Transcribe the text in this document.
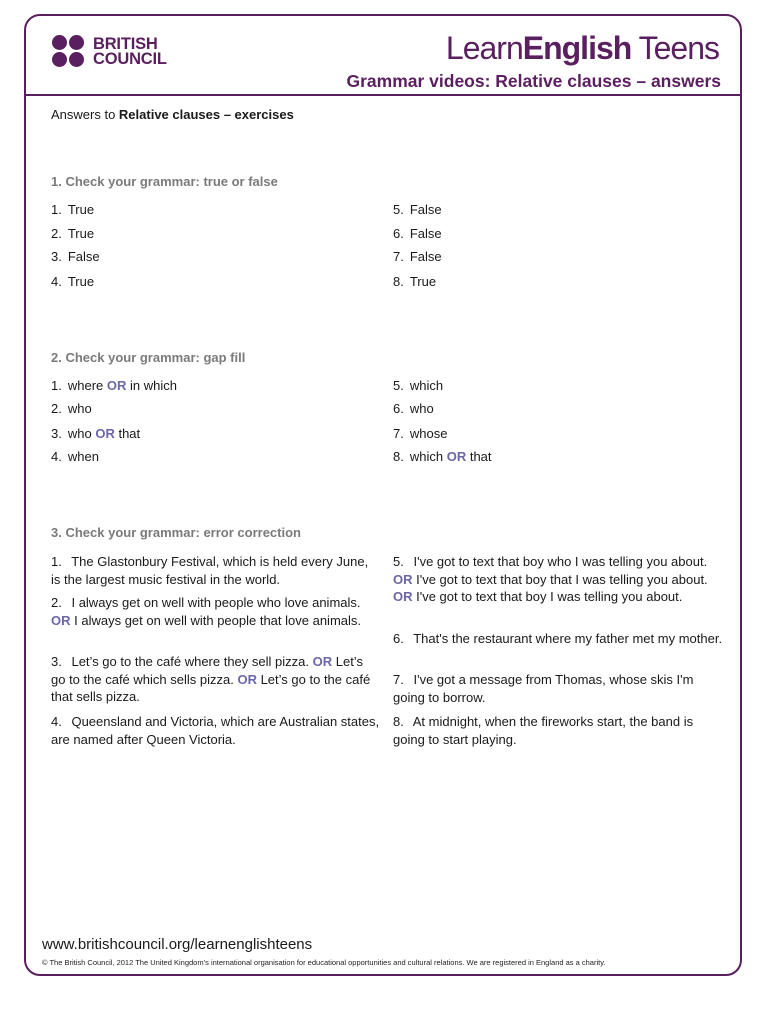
BRITISH
COUNCIL	LearnEnglish Teens
Grammar videos: Relative clauses – answers
Answers to Relative clauses – exercises
1. Check your grammar: true or false
1. True
2. True
3. False
4. True
5. False
6. False
7. False
8. True
2. Check your grammar: gap fill
1. where OR in which
2. who
3. who OR that
4. when
5. which
6. who
7. whose
8. which OR that
3. Check your grammar: error correction
1. The Glastonbury Festival, which is held every June, is the largest music festival in the world.
2. I always get on well with people who love animals. OR I always get on well with people that love animals.
3. Let’s go to the café where they sell pizza. OR Let’s go to the café which sells pizza. OR Let’s go to the café that sells pizza.
4. Queensland and Victoria, which are Australian states, are named after Queen Victoria.
5. I've got to text that boy who I was telling you about. OR I've got to text that boy that I was telling you about. OR I've got to text that boy I was telling you about.
6. That's the restaurant where my father met my mother.
7. I've got a message from Thomas, whose skis I'm going to borrow.
8. At midnight, when the fireworks start, the band is going to start playing.
www.britishcouncil.org/learnenglishteens
© The British Council, 2012 The United Kingdom’s international organisation for educational opportunities and cultural relations. We are registered in England as a charity.
